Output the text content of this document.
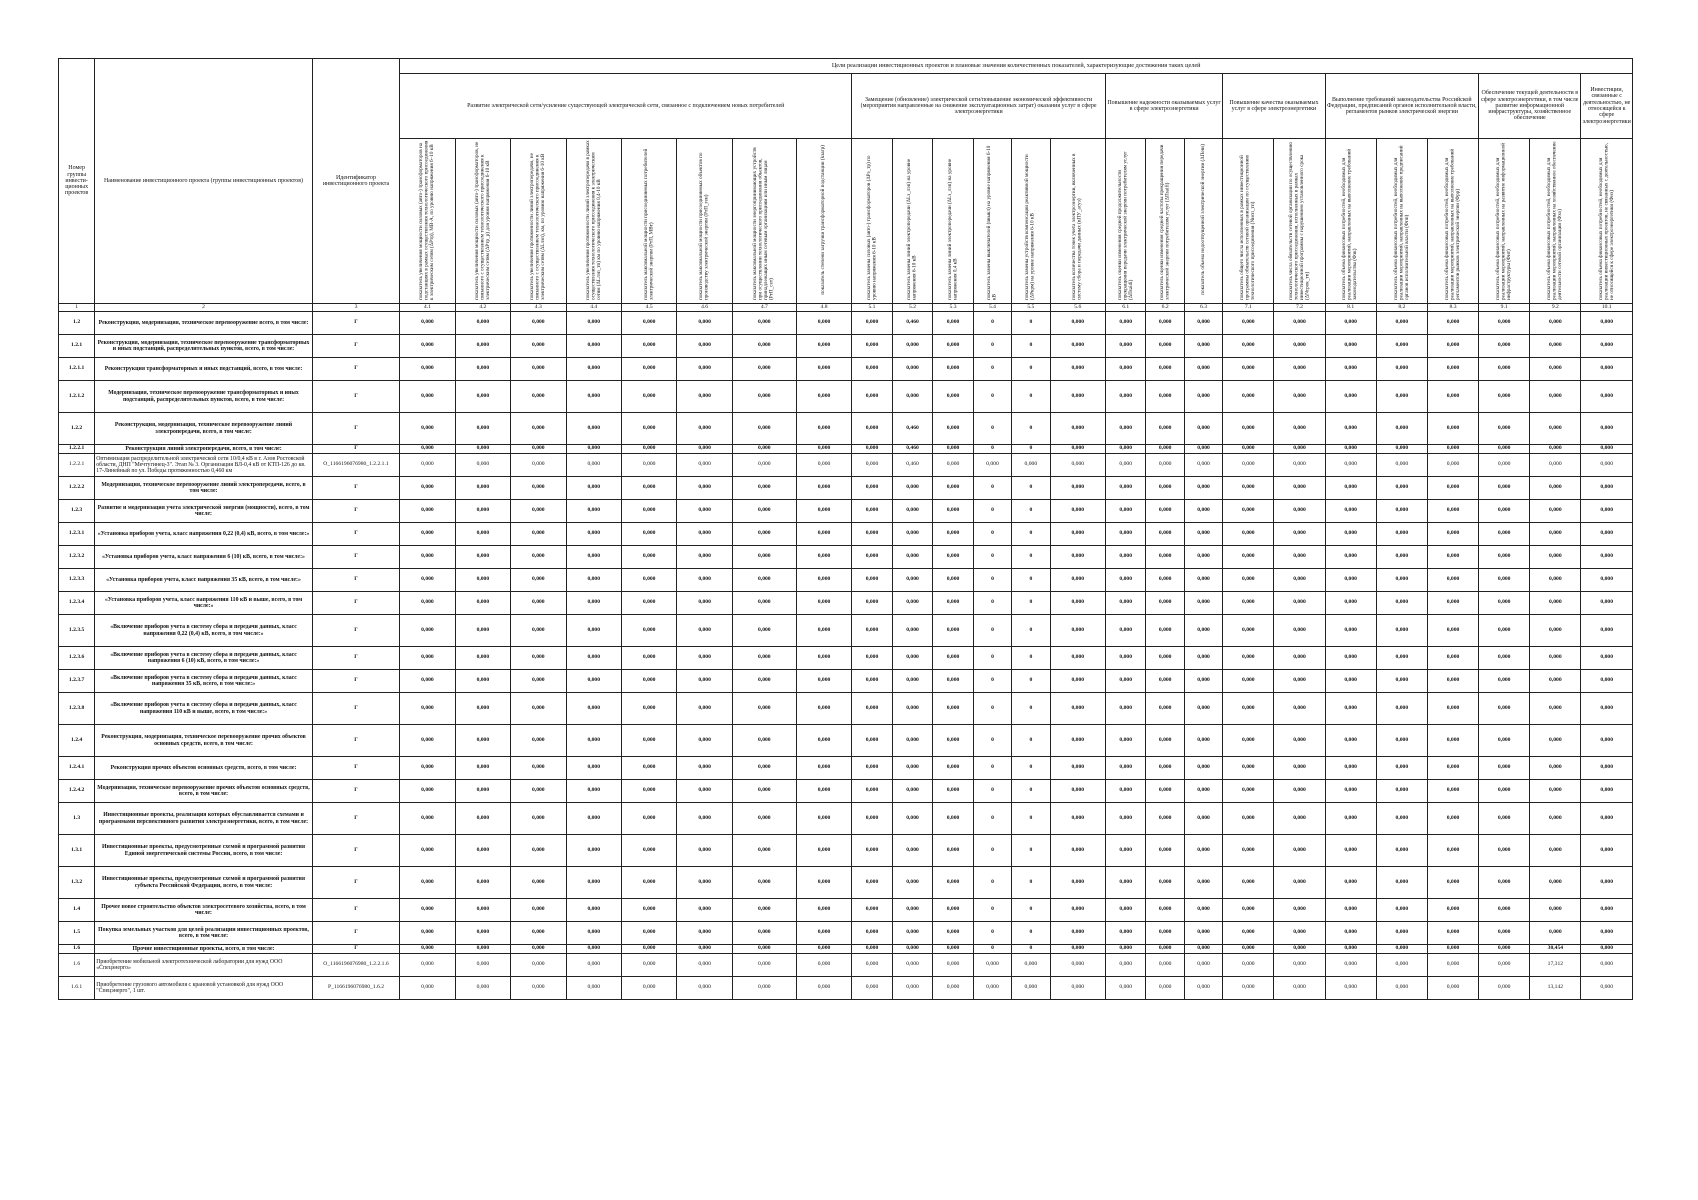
Номер группы инвести-ционных проектов	Наименование инвестиционного проекта (группы инвестиционных проектов)	Идентификатор инвестиционного проекта	Цели реализации инвестиционных проектов и плановые значения количественных показателей, характеризующие достижения таких целей																								
			Развитие электрической сети/усиление существующей электрической сети, связанное с подключением новых потребителей								Замещение (обновление) электрической сети/повышение экономической эффективности (мероприятия направленные на снижение эксплуатационных затрат) оказания услуг в сфере электроэнергетики						Повышение надежности оказываемых услуг в сфере электроэнергетики			Повышение качества оказываемых услуг в сфере электроэнергетики		Выполнение требований законодательства Российской Федерации, предписаний органов исполнительной власти, регламентов рынков электрической энергии			Обеспечение текущей деятельности в сфере электроэнергетики, в том числе развитие информационной инфраструктуры, хозяйственное обеспечение		Инвестиции, связанные с деятельностью, не относящейся к сфере электроэнергетики
			показатель увеличения мощности силовых (авто-) трансформаторов на подстанциях в рамках осуществления технологического присоединения к электрическим сетям (ΔPтр), МВ·А, по уровню напряжения 6–10 кВ	показатель увеличения мощности силовых (авто-) трансформаторов, не связанного с осуществлением технологического присоединения к электрическим сетям (ΔPтр_р) для уровня напряжения 6-10 кВ	показатель увеличения протяженности линий электропередачи, не связанного с осуществлением технологического присоединения к электрическим сетям (ΔLлэп), км, по уровню напряжения 6-10 кВ	показатель увеличения протяженности линий электропередачи в рамках осуществления технологического присоединения к электрическим сетям (ΔLлэп_тп) км по уровню напряжения 0,4-10 кВ	показатель максимальной мощности присоединяемых потребителей электрической энергии (PтП, МВт)	показатель максимальной мощности присоединяемых объектов по производству электрической энергии (PтП_ген)	показатель максимальной мощности энергопринимающих устройств при осуществлении технологического присоединения объектов, принадлежащих иным сетевым организациям или иным лицам (PтП_сет)	показатель степени загрузки трансформаторной подстанции (kзагр)	показатель замены силовых (авто-) трансформаторов (ΔPз_тр) по уровню напряжения 6-10 кВ	показатель замены линий электропередачи (ΔLз_лэп) на уровне напряжения 6-10 кВ	показатель замены линий электропередачи (ΔLз_лэп) на уровне напряжения 0,4 кВ	показатель замены выключателей (nвыкл) на уровне напряжения 6-10 кВ	показатель замены устройств компенсации реактивной мощности (ΔPкрм) на уровне напряжения 6-10 кВ	показатель количества точек учета электроэнергии, включенных в систему сбора и передачи данных (nПУ_асуэ)	показатель оценки изменения средней продолжительности прекращения передачи электрической энергии потребителям услуг (ΔПsaidi)	показатель оценки изменения средней частоты прекращения передачи электрической энергии потребителям услуг (ΔПsaifi)	показатель объема недоотпущенной электрической энергии (ΔПens)	показатель общего числа исполненных в рамках инвестиционной программы обязательств сетевой организации по осуществлению технологического присоединения (Nисп_тп)	показатель числа обязательств сетевой организации по осуществлению технологического присоединения, исполненных в рамках инвестиционной программы с нарушением установленного срока (ΔNсрок_тп)	показатель объема финансовых потребностей, необходимых для реализации мероприятий, направленных на выполнение требований законодательства (Фзк)	показатель объема финансовых потребностей, необходимых для реализации мероприятий, направленных на выполнение предписаний органов исполнительной власти (Фпп)	показатель объема финансовых потребностей, необходимых для реализации мероприятий, направленных на выполнение требований регламентов рынков электрической энергии (Фрр)	показатель объема финансовых потребностей, необходимых для реализации мероприятий, направленных на развитие информационной инфраструктуры (Фит)	показатель объема финансовых потребностей, необходимых для реализации мероприятий, направленных на хозяйственное обеспечение деятельности сетевой организации (Фхо)	показатель объема финансовых потребностей, необходимых для реализации инвестиционных проектов, не связанных с деятельностью, не относящейся к сфере электроэнергетики (Фнэ)
1	2	3	4.1	4.2	4.3	4.4	4.5	4.6	4.7	4.8	5.1	5.2	5.3	5.4	5.5	5.6	6.1	6.2	6.3	7.1	7.2	8.1	8.2	8.3	9.1	9.2	10.1
1.2	Реконструкция, модернизация, техническое перевооружение всего, в том числе:	Г	0,000	0,000	0,000	0,000	0,000	0,000	0,000	0,000	0,000	0,460	0,000	0	0	0,000	0,000	0,000	0,000	0,000	0,000	0,000	0,000	0,000	0,000	0,000	0,000
1.2.1	Реконструкция, модернизация, техническое перевооружение трансформаторных и иных подстанций, распределительных пунктов, всего, в том числе:	Г	0,000	0,000	0,000	0,000	0,000	0,000	0,000	0,000	0,000	0,000	0,000	0	0	0,000	0,000	0,000	0,000	0,000	0,000	0,000	0,000	0,000	0,000	0,000	0,000
1.2.1.1	Реконструкция трансформаторных и иных подстанций, всего, в том числе:	Г	0,000	0,000	0,000	0,000	0,000	0,000	0,000	0,000	0,000	0,000	0,000	0	0	0,000	0,000	0,000	0,000	0,000	0,000	0,000	0,000	0,000	0,000	0,000	0,000
1.2.1.2	Модернизация, техническое перевооружение трансформаторных и иных подстанций, распределительных пунктов, всего, в том числе:	Г	0,000	0,000	0,000	0,000	0,000	0,000	0,000	0,000	0,000	0,000	0,000	0	0	0,000	0,000	0,000	0,000	0,000	0,000	0,000	0,000	0,000	0,000	0,000	0,000
1.2.2	Реконструкция, модернизация, техническое перевооружение линий электропередачи, всего, в том числе:	Г	0,000	0,000	0,000	0,000	0,000	0,000	0,000	0,000	0,000	0,460	0,000	0	0	0,000	0,000	0,000	0,000	0,000	0,000	0,000	0,000	0,000	0,000	0,000	0,000
1.2.2.1	Реконструкция линий электропередачи, всего, в том числе:	Г	0,000	0,000	0,000	0,000	0,000	0,000	0,000	0,000	0,000	0,460	0,000	0	0	0,000	0,000	0,000	0,000	0,000	0,000	0,000	0,000	0,000	0,000	0,000	0,000
1.2.2.1	Оптимизация распределительной электрической сети 10/0,4 кВ в г. Азов Ростовской области, ДНП "Мечтугинец-3". Этап № 3. Организация ВЛ-0,4 кВ от КТП-126 до кв. 17-Линейный по ул. Победы протяженностью 0,460 км	О_1166196076980_1.2.2.1.1	0,000	0,000	0,000	0,000	0,000	0,000	0,000	0,000	0,000	0,460	0,000	0,000	0,000	0,000	0,000	0,000	0,000	0,000	0,000	0,000	0,000	0,000	0,000	0,000	0,000
1.2.2.2	Модернизация, техническое перевооружение линий электропередачи, всего, в том числе:	Г	0,000	0,000	0,000	0,000	0,000	0,000	0,000	0,000	0,000	0,000	0,000	0	0	0,000	0,000	0,000	0,000	0,000	0,000	0,000	0,000	0,000	0,000	0,000	0,000
1.2.3	Развитие и модернизация учета электрической энергии (мощности), всего, в том числе:	Г	0,000	0,000	0,000	0,000	0,000	0,000	0,000	0,000	0,000	0,000	0,000	0	0	0,000	0,000	0,000	0,000	0,000	0,000	0,000	0,000	0,000	0,000	0,000	0,000
1.2.3.1	«Установка приборов учета, класс напряжения 0,22 (0,4) кВ, всего, в том числе:»	Г	0,000	0,000	0,000	0,000	0,000	0,000	0,000	0,000	0,000	0,000	0,000	0	0	0,000	0,000	0,000	0,000	0,000	0,000	0,000	0,000	0,000	0,000	0,000	0,000
1.2.3.2	«Установка приборов учета, класс напряжения 6 (10) кВ, всего, в том числе:»	Г	0,000	0,000	0,000	0,000	0,000	0,000	0,000	0,000	0,000	0,000	0,000	0	0	0,000	0,000	0,000	0,000	0,000	0,000	0,000	0,000	0,000	0,000	0,000	0,000
1.2.3.3	«Установка приборов учета, класс напряжения 35 кВ, всего, в том числе:»	Г	0,000	0,000	0,000	0,000	0,000	0,000	0,000	0,000	0,000	0,000	0,000	0	0	0,000	0,000	0,000	0,000	0,000	0,000	0,000	0,000	0,000	0,000	0,000	0,000
1.2.3.4	«Установка приборов учета, класс напряжения 110 кВ и выше, всего, в том числе:»	Г	0,000	0,000	0,000	0,000	0,000	0,000	0,000	0,000	0,000	0,000	0,000	0	0	0,000	0,000	0,000	0,000	0,000	0,000	0,000	0,000	0,000	0,000	0,000	0,000
1.2.3.5	«Включение приборов учета в систему сбора и передачи данных, класс напряжения 0,22 (0,4) кВ, всего, в том числе:»	Г	0,000	0,000	0,000	0,000	0,000	0,000	0,000	0,000	0,000	0,000	0,000	0	0	0,000	0,000	0,000	0,000	0,000	0,000	0,000	0,000	0,000	0,000	0,000	0,000
1.2.3.6	«Включение приборов учета в систему сбора и передачи данных, класс напряжения 6 (10) кВ, всего, в том числе:»	Г	0,000	0,000	0,000	0,000	0,000	0,000	0,000	0,000	0,000	0,000	0,000	0	0	0,000	0,000	0,000	0,000	0,000	0,000	0,000	0,000	0,000	0,000	0,000	0,000
1.2.3.7	«Включение приборов учета в систему сбора и передачи данных, класс напряжения 35 кВ, всего, в том числе:»	Г	0,000	0,000	0,000	0,000	0,000	0,000	0,000	0,000	0,000	0,000	0,000	0	0	0,000	0,000	0,000	0,000	0,000	0,000	0,000	0,000	0,000	0,000	0,000	0,000
1.2.3.8	«Включение приборов учета в систему сбора и передачи данных, класс напряжения 110 кВ и выше, всего, в том числе:»	Г	0,000	0,000	0,000	0,000	0,000	0,000	0,000	0,000	0,000	0,000	0,000	0	0	0,000	0,000	0,000	0,000	0,000	0,000	0,000	0,000	0,000	0,000	0,000	0,000
1.2.4	Реконструкция, модернизация, техническое перевооружение прочих объектов основных средств, всего, в том числе:	Г	0,000	0,000	0,000	0,000	0,000	0,000	0,000	0,000	0,000	0,000	0,000	0	0	0,000	0,000	0,000	0,000	0,000	0,000	0,000	0,000	0,000	0,000	0,000	0,000
1.2.4.1	Реконструкция прочих объектов основных средств, всего, в том числе:	Г	0,000	0,000	0,000	0,000	0,000	0,000	0,000	0,000	0,000	0,000	0,000	0	0	0,000	0,000	0,000	0,000	0,000	0,000	0,000	0,000	0,000	0,000	0,000	0,000
1.2.4.2	Модернизация, техническое перевооружение прочих объектов основных средств, всего, в том числе:	Г	0,000	0,000	0,000	0,000	0,000	0,000	0,000	0,000	0,000	0,000	0,000	0	0	0,000	0,000	0,000	0,000	0,000	0,000	0,000	0,000	0,000	0,000	0,000	0,000
1.3	Инвестиционные проекты, реализация которых обуславливается схемами и программами перспективного развития электроэнергетики, всего, в том числе:	Г	0,000	0,000	0,000	0,000	0,000	0,000	0,000	0,000	0,000	0,000	0,000	0	0	0,000	0,000	0,000	0,000	0,000	0,000	0,000	0,000	0,000	0,000	0,000	0,000
1.3.1	Инвестиционные проекты, предусмотренные схемой и программой развития Единой энергетической системы России, всего, в том числе:	Г	0,000	0,000	0,000	0,000	0,000	0,000	0,000	0,000	0,000	0,000	0,000	0	0	0,000	0,000	0,000	0,000	0,000	0,000	0,000	0,000	0,000	0,000	0,000	0,000
1.3.2	Инвестиционные проекты, предусмотренные схемой и программой развития субъекта Российской Федерации, всего, в том числе:	Г	0,000	0,000	0,000	0,000	0,000	0,000	0,000	0,000	0,000	0,000	0,000	0	0	0,000	0,000	0,000	0,000	0,000	0,000	0,000	0,000	0,000	0,000	0,000	0,000
1.4	Прочее новое строительство объектов электросетевого хозяйства, всего, в том числе:	Г	0,000	0,000	0,000	0,000	0,000	0,000	0,000	0,000	0,000	0,000	0,000	0	0	0,000	0,000	0,000	0,000	0,000	0,000	0,000	0,000	0,000	0,000	0,000	0,000
1.5	Покупка земельных участков для целей реализации инвестиционных проектов, всего, в том числе:	Г	0,000	0,000	0,000	0,000	0,000	0,000	0,000	0,000	0,000	0,000	0,000	0	0	0,000	0,000	0,000	0,000	0,000	0,000	0,000	0,000	0,000	0,000	0,000	0,000
1.6	Прочие инвестиционные проекты, всего, в том числе:	Г	0,000	0,000	0,000	0,000	0,000	0,000	0,000	0,000	0,000	0,000	0,000	0	0	0,000	0,000	0,000	0,000	0,000	0,000	0,000	0,000	0,000	0,000	30,454	0,000
1.6	Приобретение мобильной электротехнической лаборатории для нужд ООО «Спецэнерго»	О_1166196076980_1.2.2.1.6	0,000	0,000	0,000	0,000	0,000	0,000	0,000	0,000	0,000	0,000	0,000	0,000	0,000	0,000	0,000	0,000	0,000	0,000	0,000	0,000	0,000	0,000	0,000	17,312	0,000
1.6.1	Приобретение грузового автомобиля с крановой установкой для нужд ООО "Спецэнерго", 1 шт.	Р_1166196076980_1.6.2	0,000	0,000	0,000	0,000	0,000	0,000	0,000	0,000	0,000	0,000	0,000	0,000	0,000	0,000	0,000	0,000	0,000	0,000	0,000	0,000	0,000	0,000	0,000	13,142	0,000
